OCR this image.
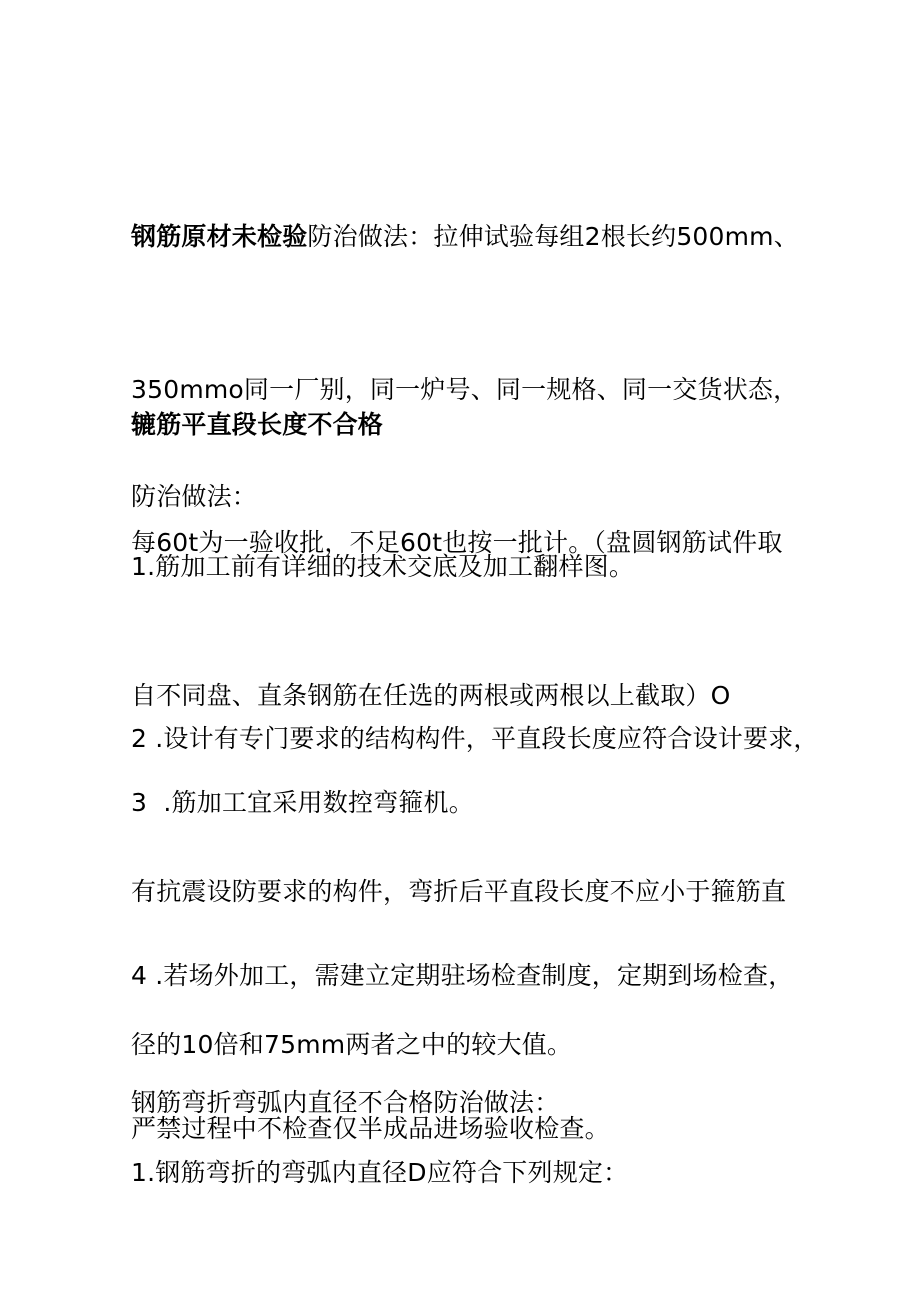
钢筋原材未检验防治做法：拉伸试验每组2根长约500mm、

350mmo同一厂别，同一炉号、同一规格、同一交货状态，

每60t为一验收批，不足60t也按一批计。（盘圆钢筋试件取

自不同盘、直条钢筋在任选的两根或两根以上截取）O

辘筋平直段长度不合格

防治做法：

1.筋加工前有详细的技术交底及加工翻样图。

2 .设计有专门要求的结构构件，平直段长度应符合设计要求，

有抗震设防要求的构件，弯折后平直段长度不应小于箍筋直

径的10倍和75mm两者之中的较大值。

3  .筋加工宜采用数控弯箍机。

4 .若场外加工，需建立定期驻场检查制度，定期到场检查，

严禁过程中不检查仅半成品进场验收检查。

钢筋弯折弯弧内直径不合格防治做法：

1.钢筋弯折的弯弧内直径D应符合下列规定：
